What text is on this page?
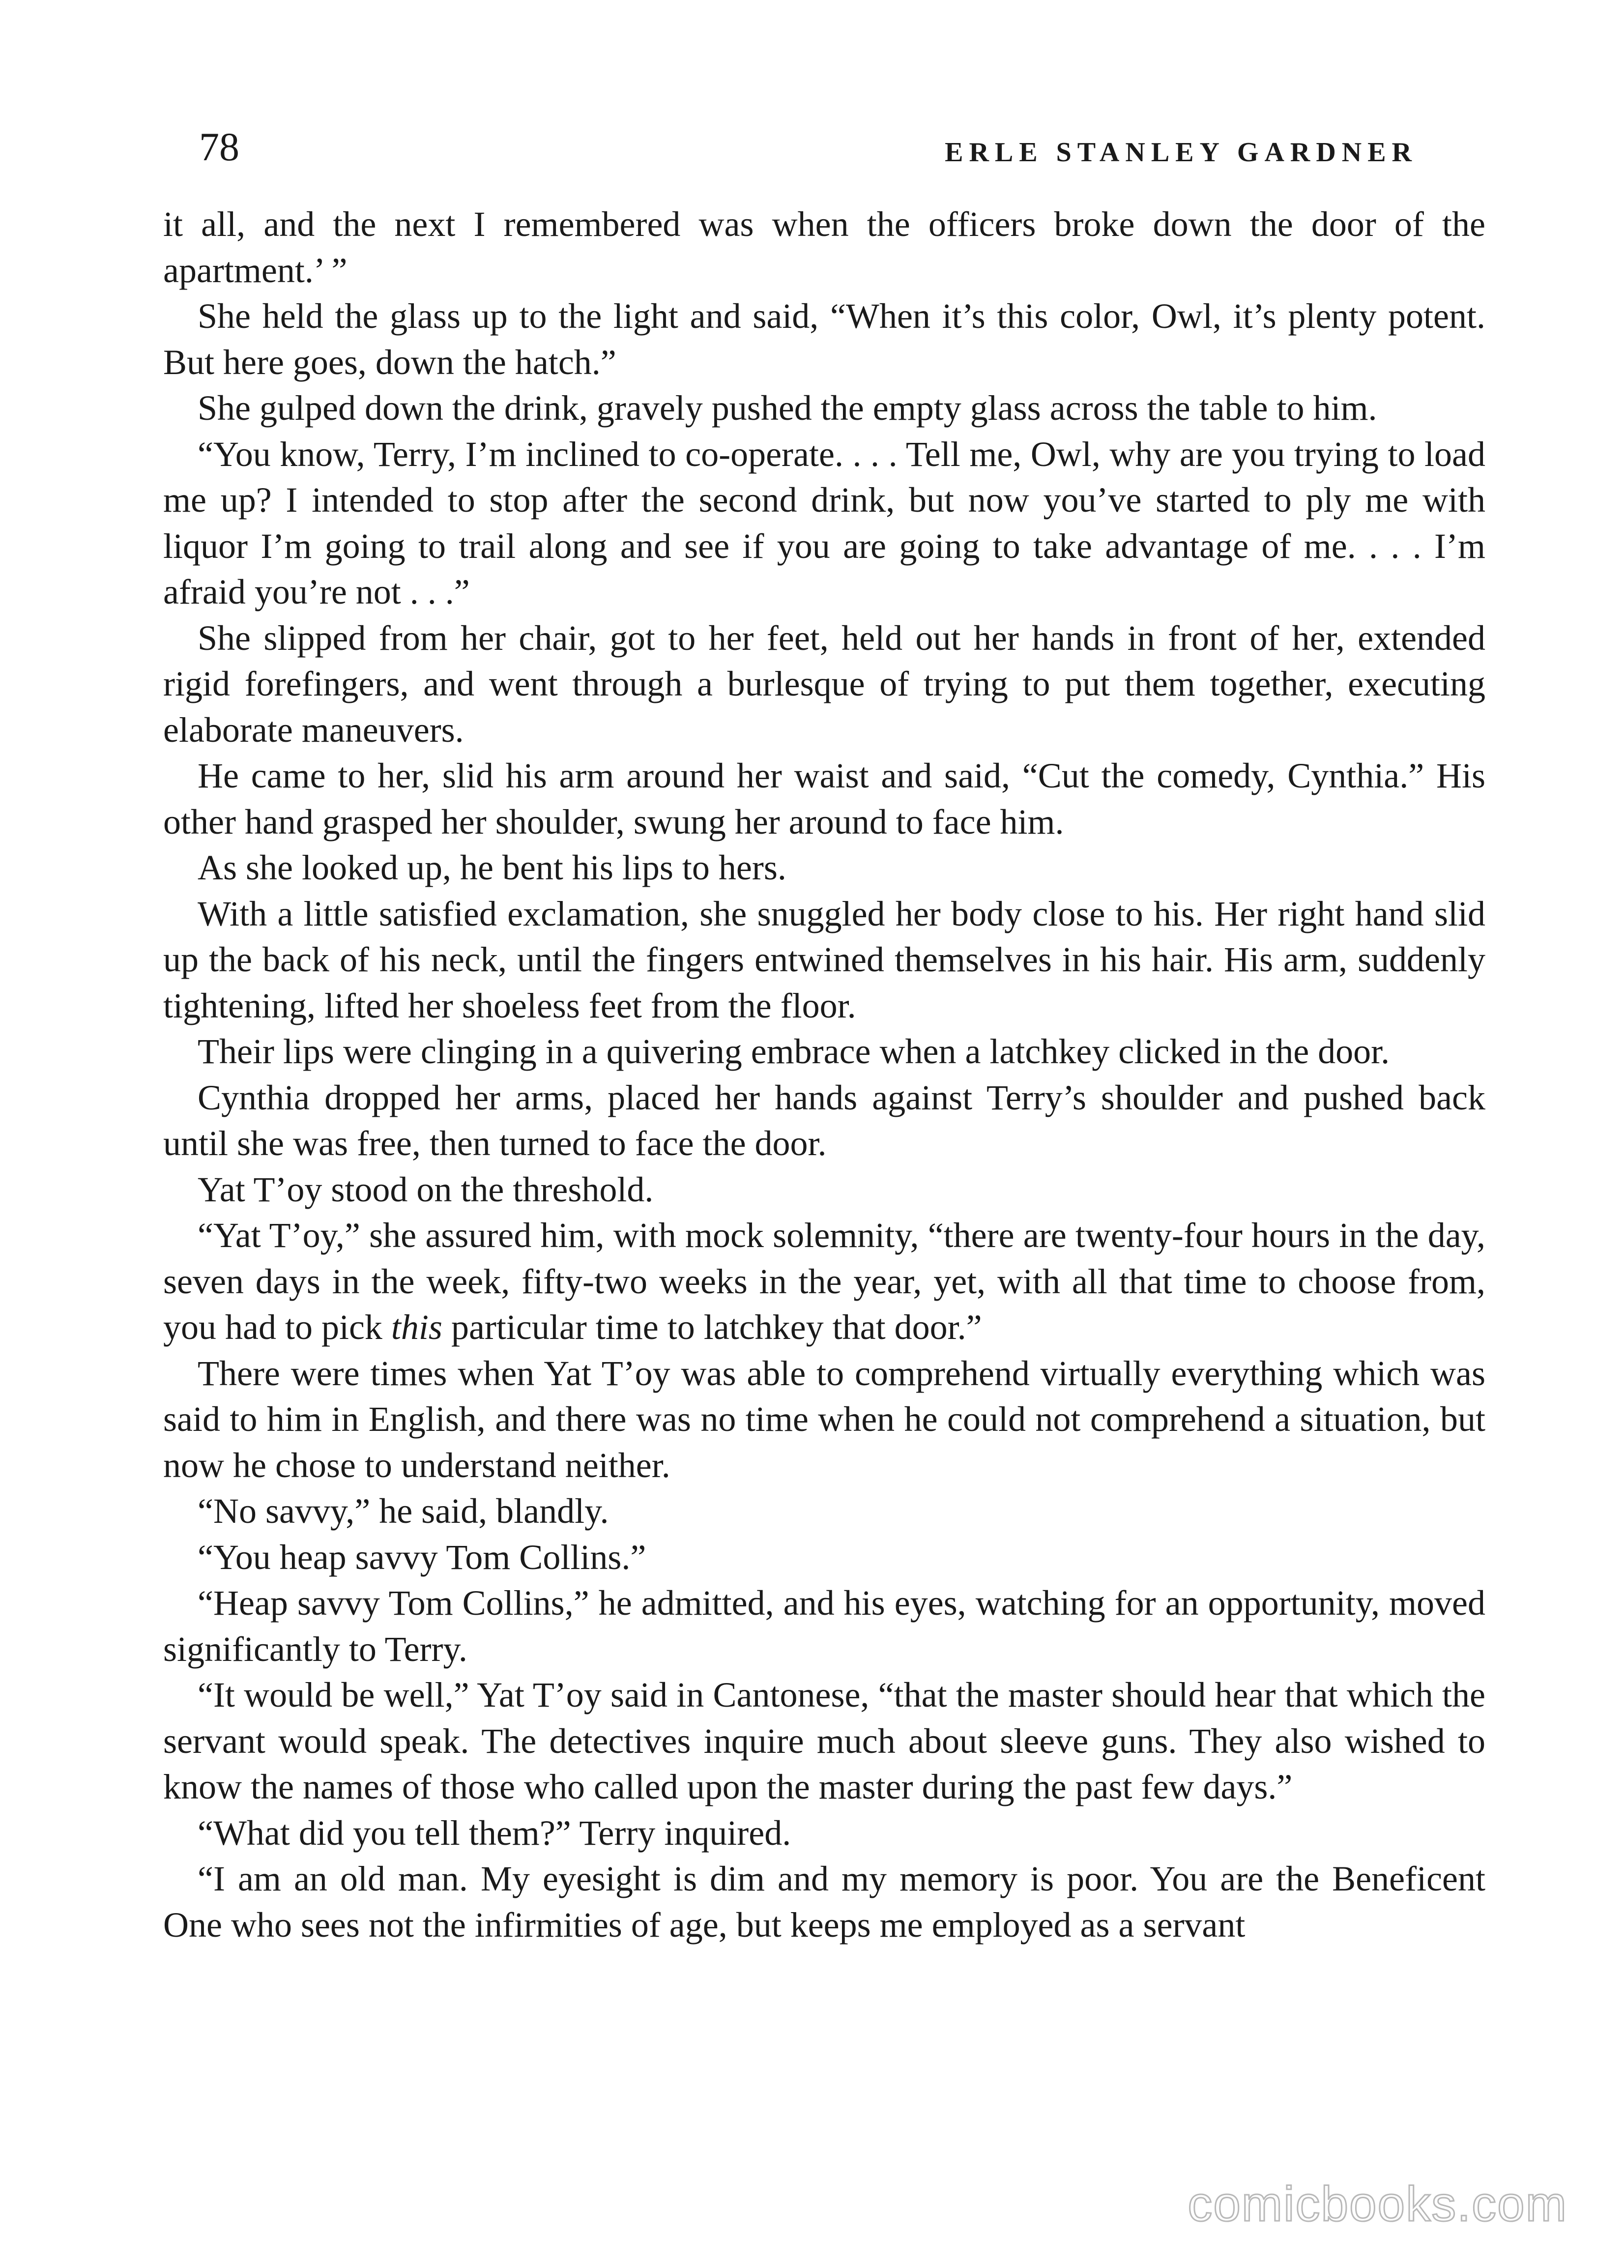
78	ERLE STANLEY GARDNER

it all, and the next I remembered was when the officers broke down the door of the apartment.’ ”

She held the glass up to the light and said, “When it’s this color, Owl, it’s plenty potent. But here goes, down the hatch.”

She gulped down the drink, gravely pushed the empty glass across the table to him.

“You know, Terry, I’m inclined to co-operate. . . . Tell me, Owl, why are you trying to load me up? I intended to stop after the second drink, but now you’ve started to ply me with liquor I’m going to trail along and see if you are going to take advantage of me. . . . I’m afraid you’re not . . .”

She slipped from her chair, got to her feet, held out her hands in front of her, extended rigid forefingers, and went through a burlesque of trying to put them together, executing elaborate maneuvers.

He came to her, slid his arm around her waist and said, “Cut the comedy, Cynthia.” His other hand grasped her shoulder, swung her around to face him.

As she looked up, he bent his lips to hers.

With a little satisfied exclamation, she snuggled her body close to his. Her right hand slid up the back of his neck, until the fingers entwined themselves in his hair. His arm, suddenly tightening, lifted her shoeless feet from the floor.

Their lips were clinging in a quivering embrace when a latchkey clicked in the door.

Cynthia dropped her arms, placed her hands against Terry’s shoulder and pushed back until she was free, then turned to face the door.

Yat T’oy stood on the threshold.

“Yat T’oy,” she assured him, with mock solemnity, “there are twenty-four hours in the day, seven days in the week, fifty-two weeks in the year, yet, with all that time to choose from, you had to pick this particular time to latchkey that door.”

There were times when Yat T’oy was able to comprehend virtually everything which was said to him in English, and there was no time when he could not comprehend a situation, but now he chose to understand neither.

“No savvy,” he said, blandly.

“You heap savvy Tom Collins.”

“Heap savvy Tom Collins,” he admitted, and his eyes, watching for an opportunity, moved significantly to Terry.

“It would be well,” Yat T’oy said in Cantonese, “that the master should hear that which the servant would speak. The detectives inquire much about sleeve guns. They also wished to know the names of those who called upon the master during the past few days.”

“What did you tell them?” Terry inquired.

“I am an old man. My eyesight is dim and my memory is poor. You are the Beneficent One who sees not the infirmities of age, but keeps me employed as a servant

comicbooks.com
